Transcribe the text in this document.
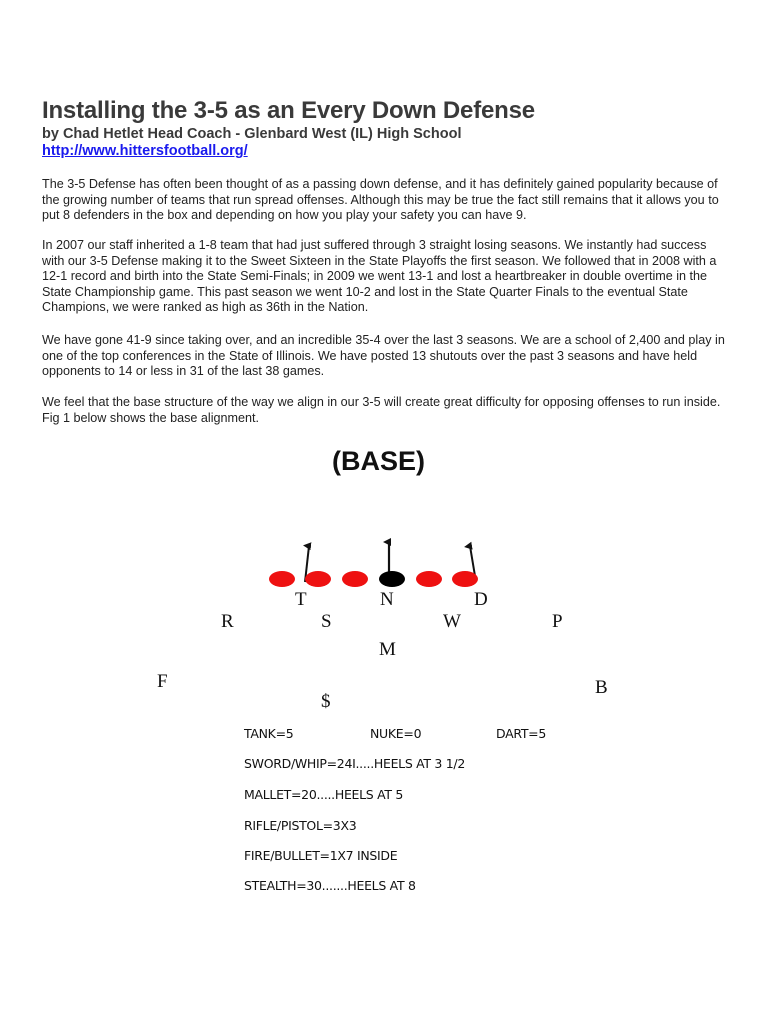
Installing the 3-5 as an Every Down Defense
by Chad Hetlet Head Coach - Glenbard West (IL) High School
http://www.hittersfootball.org/

The 3-5 Defense has often been thought of as a passing down defense, and it has definitely gained popularity because of the growing number of teams that run spread offenses. Although this may be true the fact still remains that it allows you to put 8 defenders in the box and depending on how you play your safety you can have 9.

In 2007 our staff inherited a 1-8 team that had just suffered through 3 straight losing seasons. We instantly had success with our 3-5 Defense making it to the Sweet Sixteen in the State Playoffs the first season. We followed that in 2008 with a 12-1 record and birth into the State Semi-Finals; in 2009 we went 13-1 and lost a heartbreaker in double overtime in the State Championship game. This past season we went 10-2 and lost in the State Quarter Finals to the eventual State Champions, we were ranked as high as 36th in the Nation.

We have gone 41-9 since taking over, and an incredible 35-4 over the last 3 seasons. We are a school of 2,400 and play in one of the top conferences in the State of Illinois. We have posted 13 shutouts over the past 3 seasons and have held opponents to 14 or less in 31 of the last 38 games.

We feel that the base structure of the way we align in our 3-5 will create great difficulty for opposing offenses to run inside. Fig 1 below shows the base alignment.

(BASE)
T	N	D
R	S	W	P
M
F	B
$
TANK=5	NUKE=0	DART=5
SWORD/WHIP=24I.....HEELS AT 3 1/2
MALLET=20.....HEELS AT 5
RIFLE/PISTOL=3X3
FIRE/BULLET=1X7 INSIDE
STEALTH=30.......HEELS AT 8
